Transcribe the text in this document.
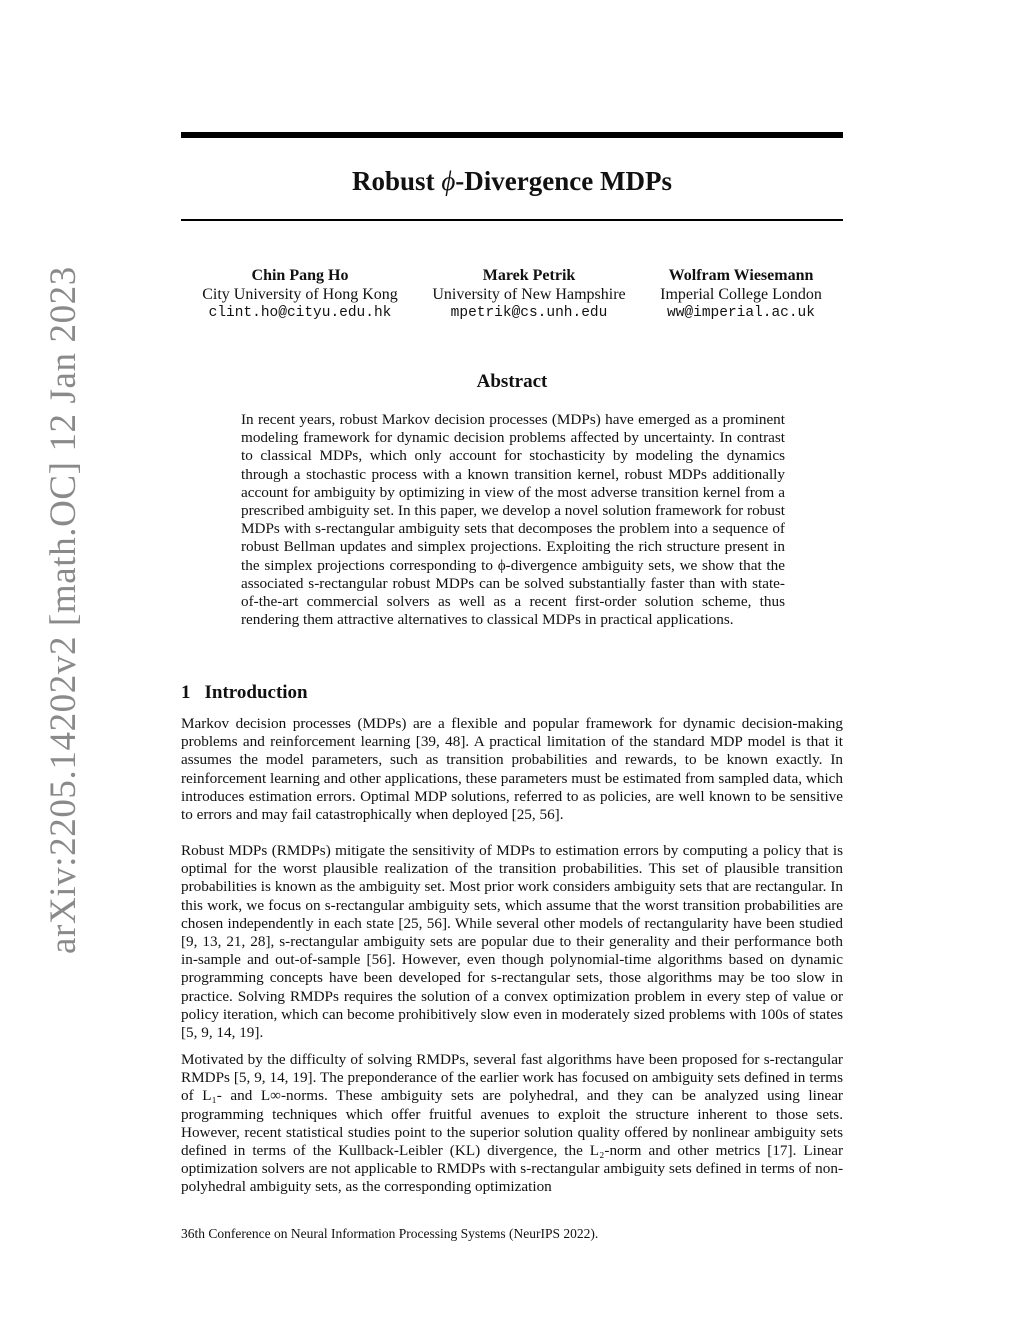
Robust ϕ-Divergence MDPs
Chin Pang Ho
City University of Hong Kong
clint.ho@cityu.edu.hk
Marek Petrik
University of New Hampshire
mpetrik@cs.unh.edu
Wolfram Wiesemann
Imperial College London
ww@imperial.ac.uk
Abstract
In recent years, robust Markov decision processes (MDPs) have emerged as a prominent modeling framework for dynamic decision problems affected by uncertainty. In contrast to classical MDPs, which only account for stochasticity by modeling the dynamics through a stochastic process with a known transition kernel, robust MDPs additionally account for ambiguity by optimizing in view of the most adverse transition kernel from a prescribed ambiguity set. In this paper, we develop a novel solution framework for robust MDPs with s-rectangular ambiguity sets that decomposes the problem into a sequence of robust Bellman updates and simplex projections. Exploiting the rich structure present in the simplex projections corresponding to ϕ-divergence ambiguity sets, we show that the associated s-rectangular robust MDPs can be solved substantially faster than with state-of-the-art commercial solvers as well as a recent first-order solution scheme, thus rendering them attractive alternatives to classical MDPs in practical applications.
1 Introduction

Markov decision processes (MDPs) are a flexible and popular framework for dynamic decision-making problems and reinforcement learning [39, 48]. A practical limitation of the standard MDP model is that it assumes the model parameters, such as transition probabilities and rewards, to be known exactly. In reinforcement learning and other applications, these parameters must be estimated from sampled data, which introduces estimation errors. Optimal MDP solutions, referred to as policies, are well known to be sensitive to errors and may fail catastrophically when deployed [25, 56].

Robust MDPs (RMDPs) mitigate the sensitivity of MDPs to estimation errors by computing a policy that is optimal for the worst plausible realization of the transition probabilities. This set of plausible transition probabilities is known as the ambiguity set. Most prior work considers ambiguity sets that are rectangular. In this work, we focus on s-rectangular ambiguity sets, which assume that the worst transition probabilities are chosen independently in each state [25, 56]. While several other models of rectangularity have been studied [9, 13, 21, 28], s-rectangular ambiguity sets are popular due to their generality and their performance both in-sample and out-of-sample [56]. However, even though polynomial-time algorithms based on dynamic programming concepts have been developed for s-rectangular sets, those algorithms may be too slow in practice. Solving RMDPs requires the solution of a convex optimization problem in every step of value or policy iteration, which can become prohibitively slow even in moderately sized problems with 100s of states [5, 9, 14, 19].

Motivated by the difficulty of solving RMDPs, several fast algorithms have been proposed for s-rectangular RMDPs [5, 9, 14, 19]. The preponderance of the earlier work has focused on ambiguity sets defined in terms of L₁- and L∞-norms. These ambiguity sets are polyhedral, and they can be analyzed using linear programming techniques which offer fruitful avenues to exploit the structure inherent to those sets. However, recent statistical studies point to the superior solution quality offered by nonlinear ambiguity sets defined in terms of the Kullback-Leibler (KL) divergence, the L₂-norm and other metrics [17]. Linear optimization solvers are not applicable to RMDPs with s-rectangular ambiguity sets defined in terms of non-polyhedral ambiguity sets, as the corresponding optimization

36th Conference on Neural Information Processing Systems (NeurIPS 2022).
arXiv:2205.14202v2 [math.OC] 12 Jan 2023
